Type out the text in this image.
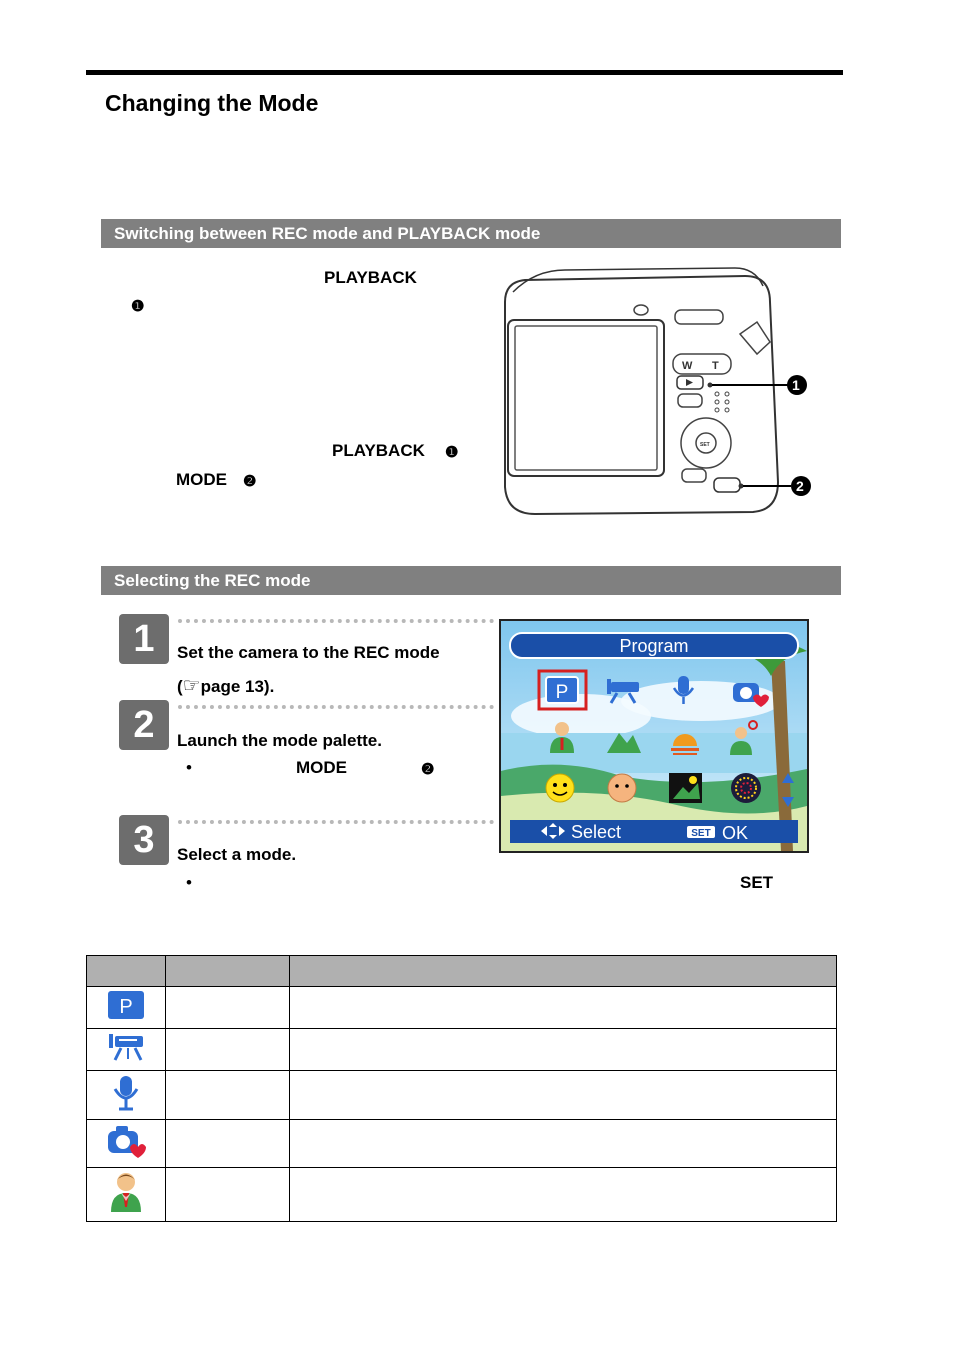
Changing the Mode
Switching between REC mode and PLAYBACK mode
PLAYBACK
❶
PLAYBACK ❶
MODE ❷
W T
SET
1
2
Selecting the REC mode
1	Set the camera to the REC mode
(☞page 13).
2	Launch the mode palette.
•	MODE	❷
3	Select a mode.
•	SET
Program
P
Select	SET OK

P		
